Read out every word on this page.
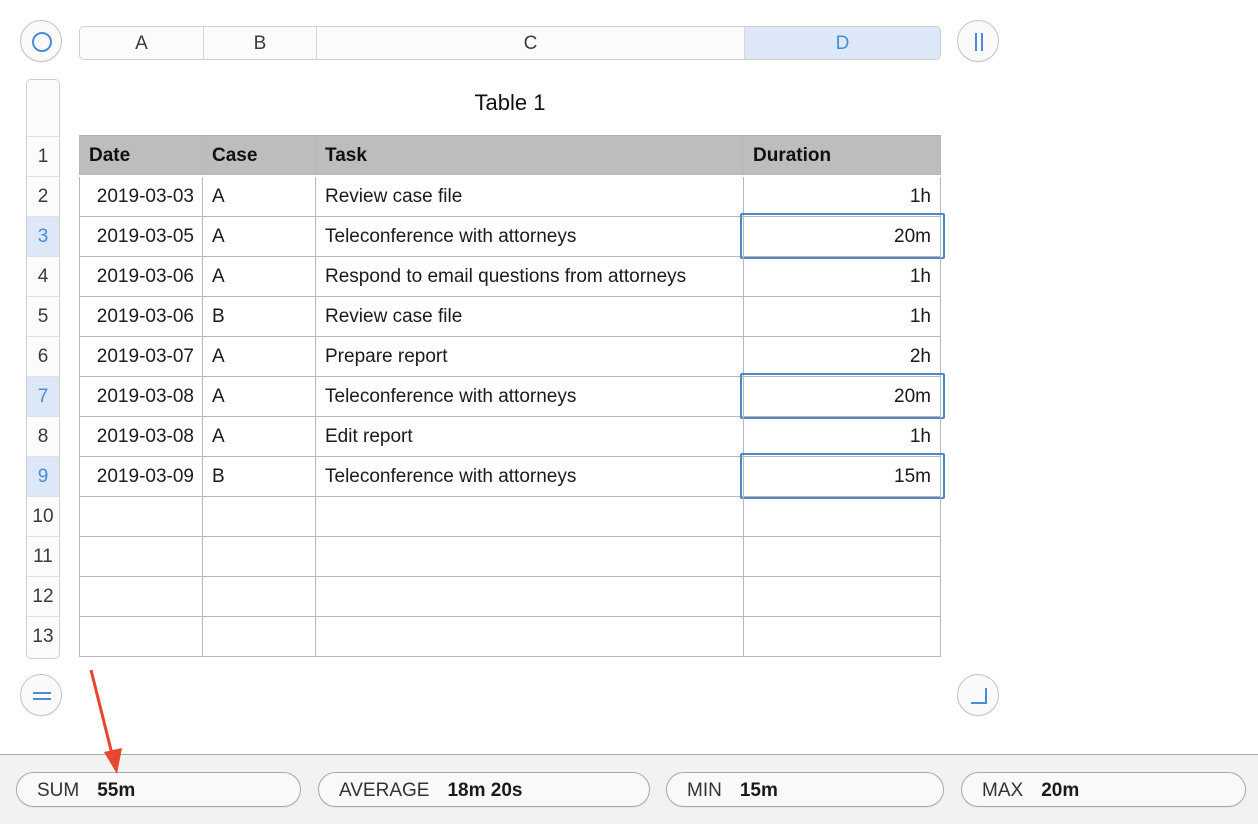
A	B	C	D
1
2
3
4
5
6
7
8
9
10
11
12
13
Table 1
Date	Case	Task	Duration
2019-03-03 A	Review case file	1h
2019-03-05 A	Teleconference with attorneys	20m
2019-03-06 A	Respond to email questions from attorneys	1h
2019-03-06 B	Review case file	1h
2019-03-07 A	Prepare report	2h
2019-03-08 A	Teleconference with attorneys	20m
2019-03-08 A	Edit report	1h
2019-03-09 B	Teleconference with attorneys	15m
SUM 55m	AVERAGE 18m 20s	MIN 15m	MAX 20m
